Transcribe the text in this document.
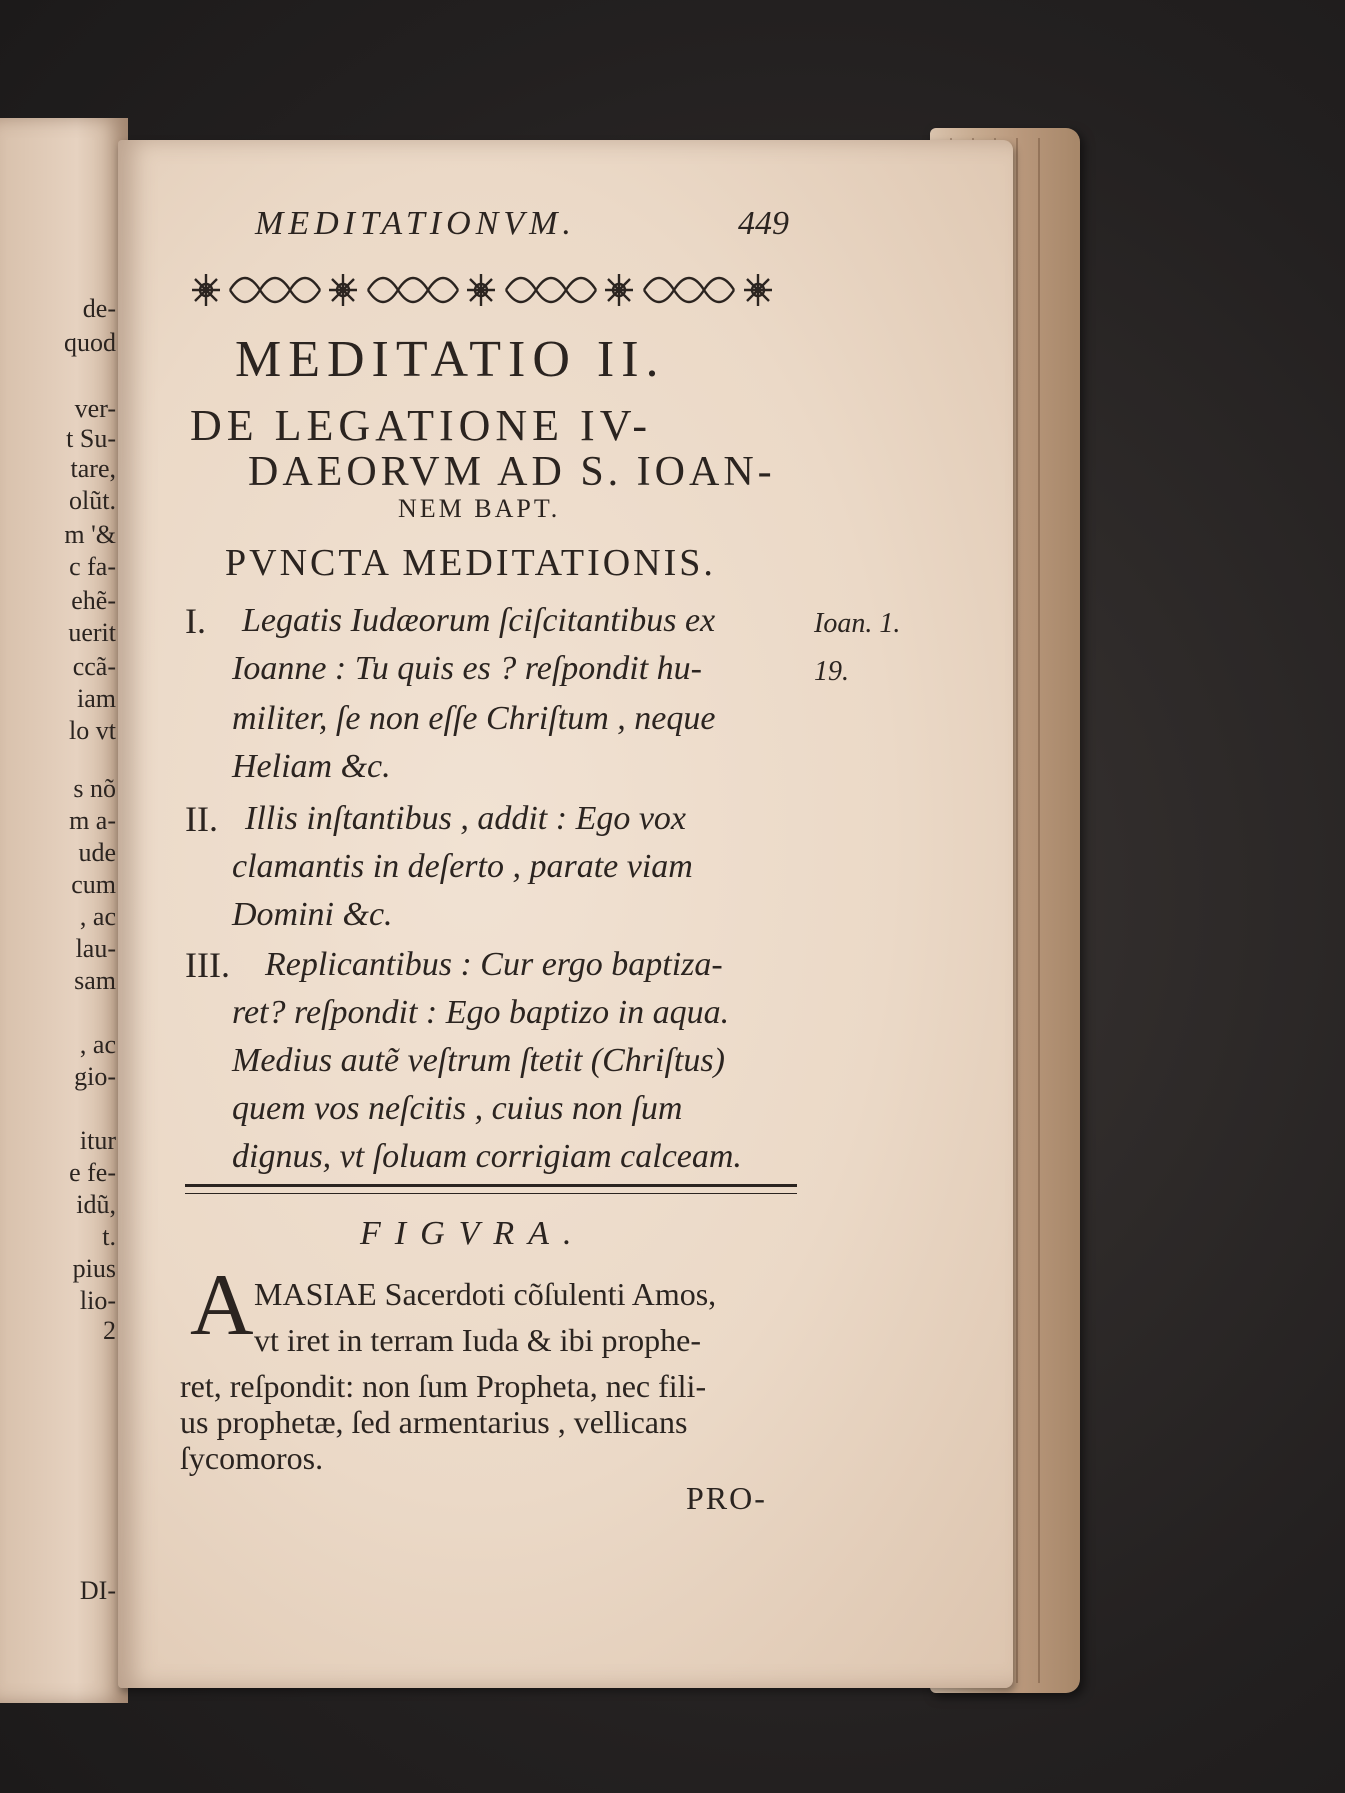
de-
quod
ver-
t Su-
tare,
olũt.
m '&
c fa-
ehẽ-
uerit
ccã-
iam
lo vt
s nõ
m a-
ude
cum
, ac
lau-
sam
, ac
gio-
itur
e fe-
idũ,
t.
pius
lio-
2
DI-
MEDITATIONVM.	449
MEDITATIO II.
DE LEGATIONE IV-
DAEORVM AD S. IOAN-
NEM BAPT.
PVNCTA MEDITATIONIS.
I. Legatis Iudæorum ſciſcitantibus ex
Ioanne : Tu quis es ? reſpondit hu-
militer, ſe non eſſe Chriſtum , neque
Heliam &c.
Ioan. 1.
19.
II. Illis inſtantibus , addit : Ego vox
clamantis in deſerto , parate viam
Domini &c.
III. Replicantibus : Cur ergo baptiza-
ret? reſpondit : Ego baptizo in aqua.
Medius autẽ veſtrum ſtetit (Chriſtus)
quem vos neſcitis , cuius non ſum
dignus, vt ſoluam corrigiam calceam.
FIGVRA.
A MASIAE Sacerdoti cõſulenti Amos,
vt iret in terram Iuda & ibi prophe-
ret, reſpondit: non ſum Propheta, nec fili-
us prophetæ, ſed armentarius , vellicans
ſycomoros.
PRO-
